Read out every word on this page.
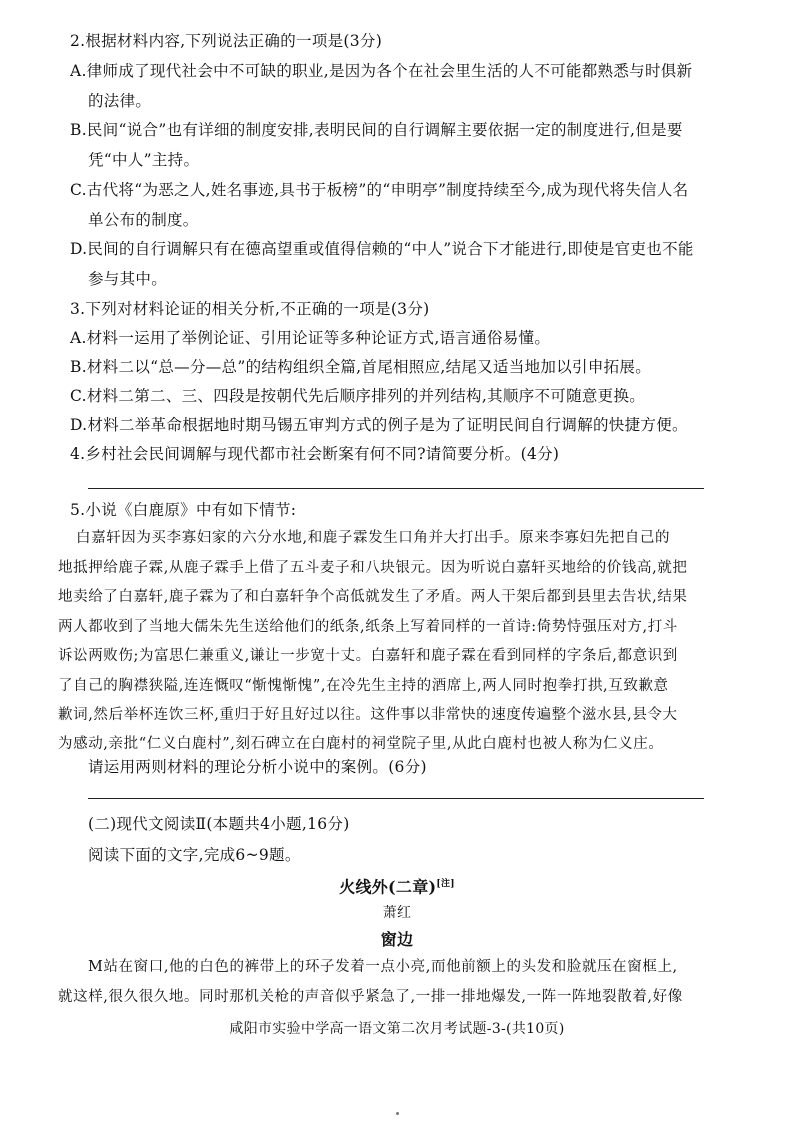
2.根据材料内容,下列说法正确的一项是(3分)
A.律师成了现代社会中不可缺的职业,是因为各个在社会里生活的人不可能都熟悉与时俱新
的法律。
B.民间“说合”也有详细的制度安排,表明民间的自行调解主要依据一定的制度进行,但是要
凭“中人”主持。
C.古代将“为恶之人,姓名事迹,具书于板榜”的“申明亭”制度持续至今,成为现代将失信人名
单公布的制度。
D.民间的自行调解只有在德高望重或值得信赖的“中人”说合下才能进行,即使是官吏也不能
参与其中。
3.下列对材料论证的相关分析,不正确的一项是(3分)
A.材料一运用了举例论证、引用论证等多种论证方式,语言通俗易懂。
B.材料二以“总—分—总”的结构组织全篇,首尾相照应,结尾又适当地加以引申拓展。
C.材料二第二、三、四段是按朝代先后顺序排列的并列结构,其顺序不可随意更换。
D.材料二举革命根据地时期马锡五审判方式的例子是为了证明民间自行调解的快捷方便。
4.乡村社会民间调解与现代都市社会断案有何不同?请简要分析。(4分)
5.小说《白鹿原》中有如下情节:
白嘉轩因为买李寡妇家的六分水地,和鹿子霖发生口角并大打出手。原来李寡妇先把自己的
地抵押给鹿子霖,从鹿子霖手上借了五斗麦子和八块银元。因为听说白嘉轩买地给的价钱高,就把
地卖给了白嘉轩,鹿子霖为了和白嘉轩争个高低就发生了矛盾。两人干架后都到县里去告状,结果
两人都收到了当地大儒朱先生送给他们的纸条,纸条上写着同样的一首诗:倚势恃强压对方,打斗
诉讼两败伤;为富思仁兼重义,谦让一步宽十丈。白嘉轩和鹿子霖在看到同样的字条后,都意识到
了自己的胸襟狭隘,连连慨叹“惭愧惭愧”,在冷先生主持的酒席上,两人同时抱拳打拱,互致歉意
歉词,然后举杯连饮三杯,重归于好且好过以往。这件事以非常快的速度传遍整个滋水县,县令大
为感动,亲批“仁义白鹿村”,刻石碑立在白鹿村的祠堂院子里,从此白鹿村也被人称为仁义庄。
请运用两则材料的理论分析小说中的案例。(6分)
(二)现代文阅读Ⅱ(本题共4小题,16分)
阅读下面的文字,完成6~9题。
火线外(二章)[注]
萧红
窗边
M站在窗口,他的白色的裤带上的环子发着一点小亮,而他前额上的头发和脸就压在窗框上,
就这样,很久很久地。同时那机关枪的声音似乎紧急了,一排一排地爆发,一阵一阵地裂散着,好像
咸阳市实验中学高一语文第二次月考试题-3-(共10页)
